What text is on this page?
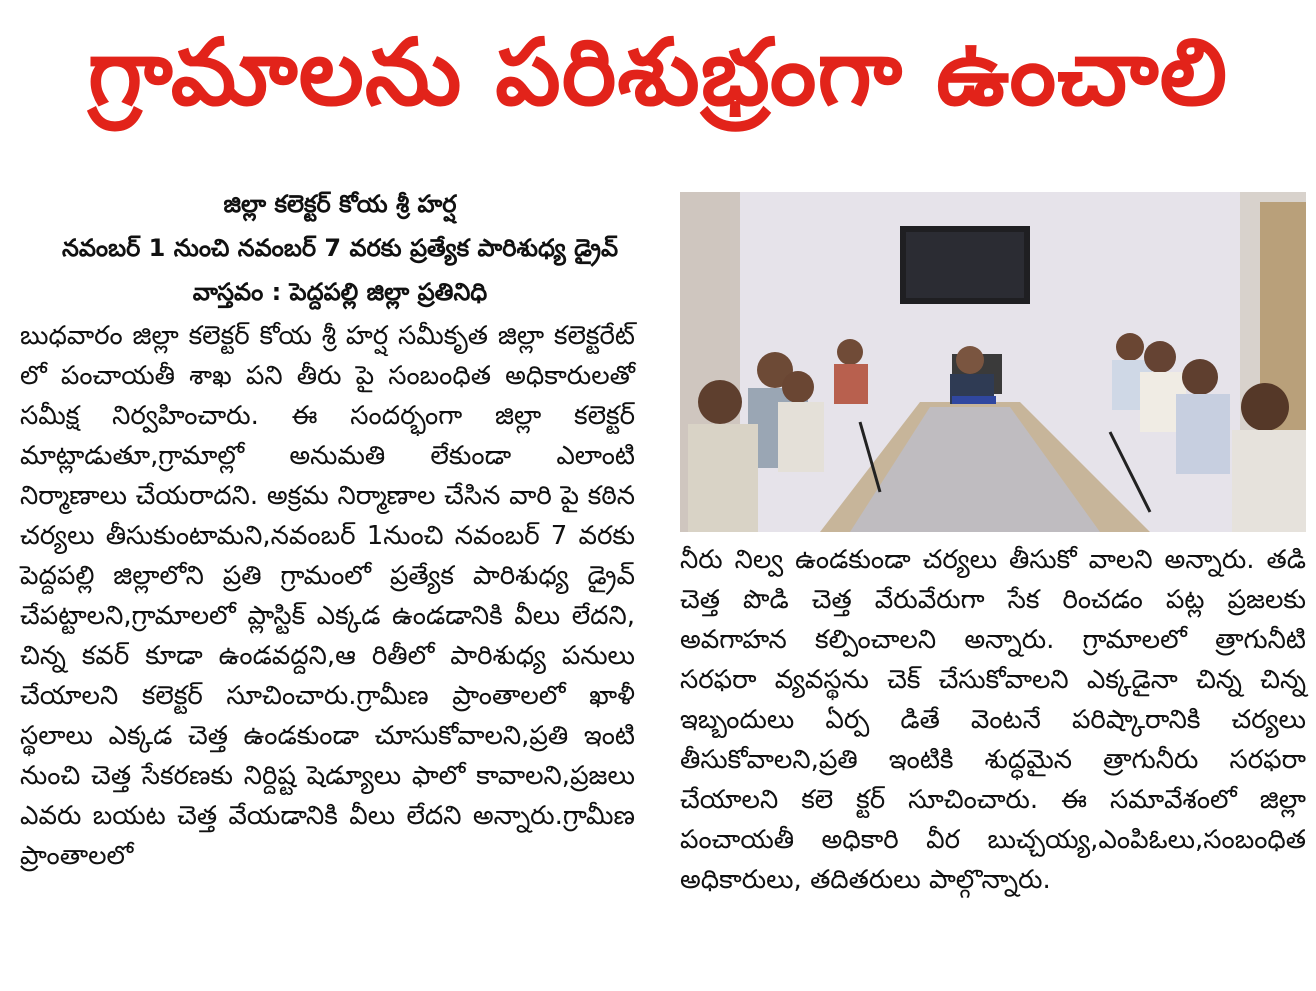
గ్రామాలను పరిశుభ్రంగా ఉంచాలి
జిల్లా కలెక్టర్ కోయ శ్రీ హర్ష
నవంబర్ 1 నుంచి నవంబర్ 7 వరకు ప్రత్యేక పారిశుధ్య డ్రైవ్
వాస్తవం : పెద్దపల్లి జిల్లా ప్రతినిధి
బుధవారం జిల్లా కలెక్టర్ కోయ శ్రీ హర్ష సమీకృత జిల్లా కలెక్టరేట్ లో పంచాయతీ శాఖ పని తీరు పై సంబంధిత అధికారులతో సమీక్ష నిర్వహించారు. ఈ సందర్భంగా జిల్లా కలెక్టర్ మాట్లాడుతూ,గ్రామాల్లో అనుమతి లేకుండా ఎలాంటి నిర్మాణాలు చేయరాదని. అక్రమ నిర్మాణాల చేసిన వారి పై కఠిన చర్యలు తీసుకుంటామని,నవంబర్ 1నుంచి నవంబర్ 7 వరకు పెద్దపల్లి జిల్లాలోని ప్రతి గ్రామంలో ప్రత్యేక పారిశుధ్య డ్రైవ్ చేపట్టాలని,గ్రామాలలో ప్లాస్టిక్ ఎక్కడ ఉండడానికి వీలు లేదని, చిన్న కవర్ కూడా ఉండవద్దని,ఆ రితీలో పారిశుధ్య పనులు చేయాలని కలెక్టర్ సూచించారు.గ్రామీణ ప్రాంతాలలో ఖాళీ స్థలాలు ఎక్కడ చెత్త ఉండకుండా చూసుకోవాలని,ప్రతి ఇంటి నుంచి చెత్త సేకరణకు నిర్దిష్ట షెడ్యూలు ఫాలో కావాలని,ప్రజలు ఎవరు బయట చెత్త వేయడానికి వీలు లేదని అన్నారు.గ్రామీణ ప్రాంతాలలో
నీరు నిల్వ ఉండకుండా చర్యలు తీసుకో వాలని అన్నారు. తడి చెత్త పొడి చెత్త వేరువేరుగా సేక రించడం పట్ల ప్రజలకు అవగాహన కల్పించాలని అన్నారు. గ్రామాలలో త్రాగునీటి సరఫరా వ్యవస్థను చెక్ చేసుకోవాలని ఎక్కడైనా చిన్న చిన్న ఇబ్బందులు ఏర్ప డితే వెంటనే పరిష్కారానికి చర్యలు తీసుకోవాలని,ప్రతి ఇంటికి శుద్ధమైన త్రాగునీరు సరఫరా చేయాలని కలె క్టర్ సూచించారు. ఈ సమావేశంలో జిల్లా పంచాయతీ అధికారి వీర బుచ్చయ్య,ఎంపిఓలు,సంబంధిత అధికారులు, తదితరులు పాల్గొన్నారు.
